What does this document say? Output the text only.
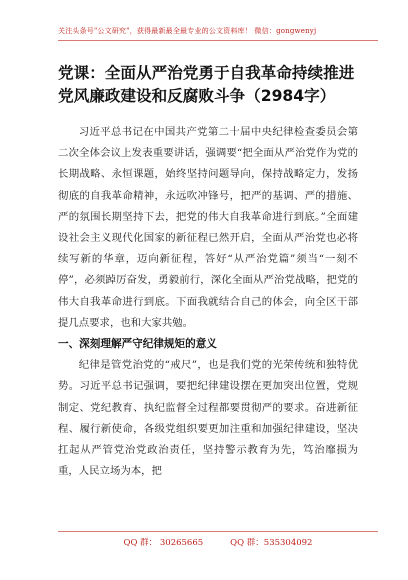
关注头条号"公文研究"，获得最新最全最专业的公文资料库！ 微信：gongwenyj
党课：全面从严治党勇于自我革命持续推进党风廉政建设和反腐败斗争（2984字）

习近平总书记在中国共产党第二十届中央纪律检查委员会第二次全体会议上发表重要讲话，强调要“把全面从严治党作为党的长期战略、永恒课题，始终坚持问题导向，保持战略定力，发扬彻底的自我革命精神，永远吹冲锋号，把严的基调、严的措施、严的氛围长期坚持下去，把党的伟大自我革命进行到底。”全面建设社会主义现代化国家的新征程已然开启，全面从严治党也必将续写新的华章，迈向新征程，答好“从严治党篇”须当“一刻不停”，必须踔厉奋发，勇毅前行，深化全面从严治党战略，把党的伟大自我革命进行到底。下面我就结合自己的体会，向全区干部提几点要求，也和大家共勉。

一、深刻理解严守纪律规矩的意义

纪律是管党治党的“戒尺”，也是我们党的光荣传统和独特优势。习近平总书记强调，要把纪律建设摆在更加突出位置，党规制定、党纪教育、执纪监督全过程都要贯彻严的要求。奋进新征程、履行新使命，各级党组织要更加注重和加强纪律建设，坚决扛起从严管党治党政治责任，坚持警示教育为先，笃治靡损为重，人民立场为本，把

QQ 群： 30265665          QQ 群：535304092
